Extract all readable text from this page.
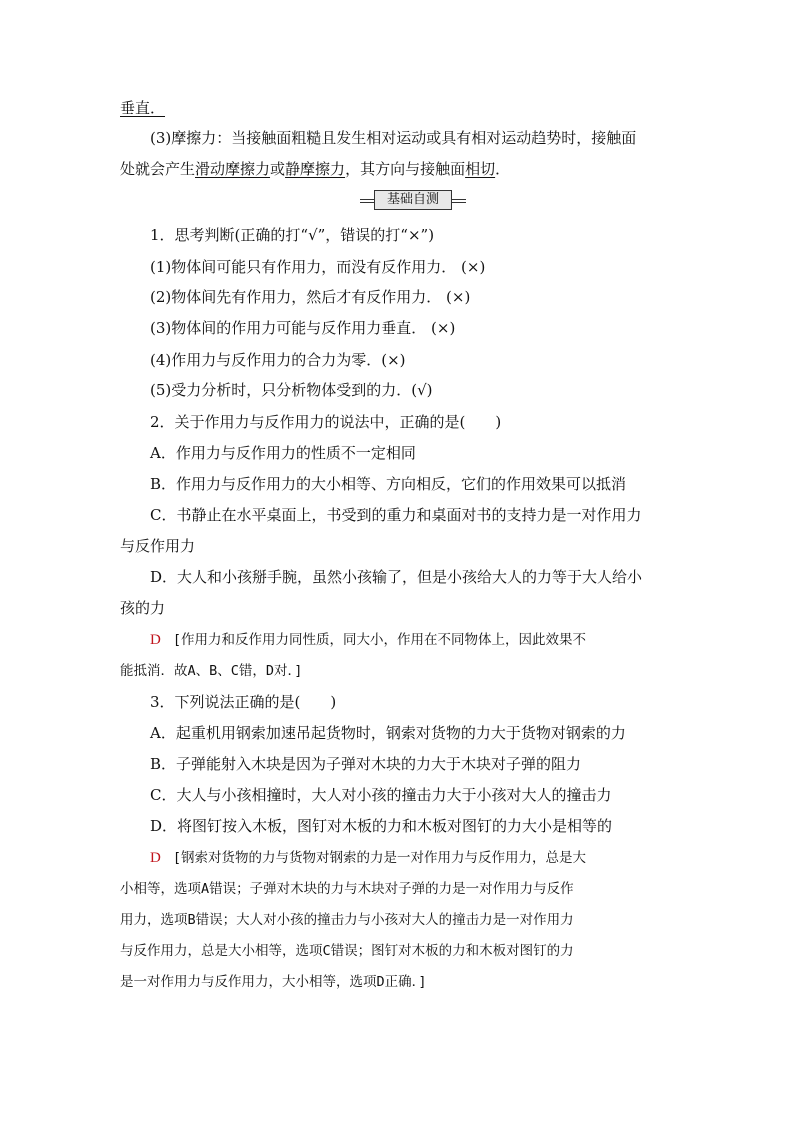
垂直．
(3)摩擦力：当接触面粗糙且发生相对运动或具有相对运动趋势时，接触面
处就会产生滑动摩擦力或静摩擦力，其方向与接触面相切．
基础自测
1．思考判断(正确的打“√”，错误的打“×”)
(1)物体间可能只有作用力，而没有反作用力． (×)
(2)物体间先有作用力，然后才有反作用力． (×)
(3)物体间的作用力可能与反作用力垂直． (×)
(4)作用力与反作用力的合力为零．(×)
(5)受力分析时，只分析物体受到的力．(√)
2．关于作用力与反作用力的说法中，正确的是(　　)
A．作用力与反作用力的性质不一定相同
B．作用力与反作用力的大小相等、方向相反，它们的作用效果可以抵消
C．书静止在水平桌面上，书受到的重力和桌面对书的支持力是一对作用力
与反作用力
D．大人和小孩掰手腕，虽然小孩输了，但是小孩给大人的力等于大人给小
孩的力
D [作用力和反作用力同性质，同大小，作用在不同物体上，因此效果不
能抵消．故A、B、C错，D对．]
3．下列说法正确的是(　　)
A．起重机用钢索加速吊起货物时，钢索对货物的力大于货物对钢索的力
B．子弹能射入木块是因为子弹对木块的力大于木块对子弹的阻力
C．大人与小孩相撞时，大人对小孩的撞击力大于小孩对大人的撞击力
D．将图钉按入木板，图钉对木板的力和木板对图钉的力大小是相等的
D [钢索对货物的力与货物对钢索的力是一对作用力与反作用力，总是大
小相等，选项A错误；子弹对木块的力与木块对子弹的力是一对作用力与反作
用力，选项B错误；大人对小孩的撞击力与小孩对大人的撞击力是一对作用力
与反作用力，总是大小相等，选项C错误；图钉对木板的力和木板对图钉的力
是一对作用力与反作用力，大小相等，选项D正确．]
